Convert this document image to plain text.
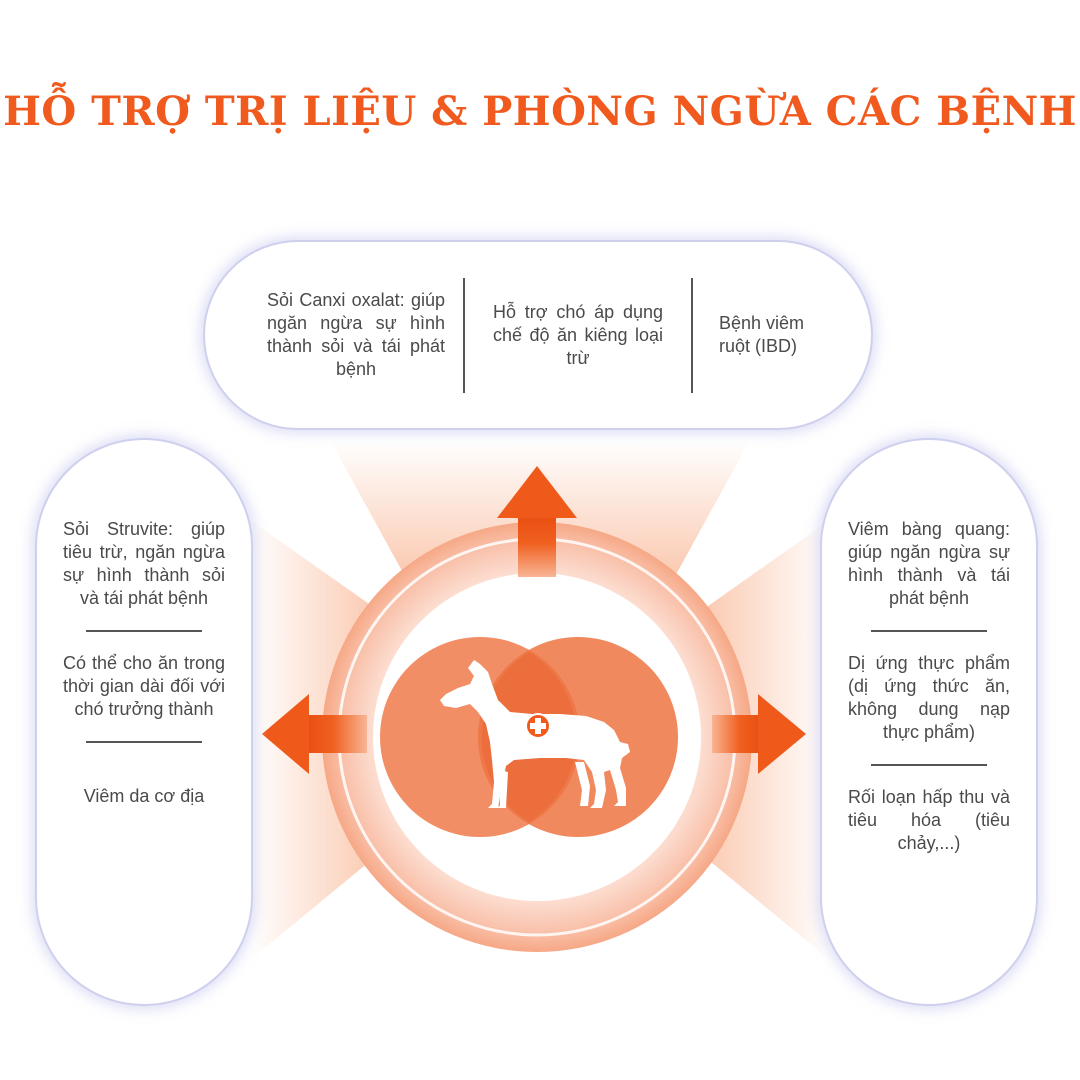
HỖ TRỢ TRỊ LIỆU & PHÒNG NGỪA CÁC BỆNH
Sỏi Canxi oxalat: giúp ngăn ngừa sự hình thành sỏi và tái phát bệnh
Hỗ trợ chó áp dụng chế độ ăn kiêng loại trừ
Bệnh viêm ruột (IBD)
Sỏi Struvite: giúp tiêu trừ, ngăn ngừa sự hình thành sỏi và tái phát bệnh
Có thể cho ăn trong thời gian dài đối với chó trưởng thành
Viêm da cơ địa
Viêm bàng quang: giúp ngăn ngừa sự hình thành và tái phát bệnh
Dị ứng thực phẩm (dị ứng thức ăn, không dung nạp thực phẩm)
Rối loạn hấp thu và tiêu hóa (tiêu chảy,...)
